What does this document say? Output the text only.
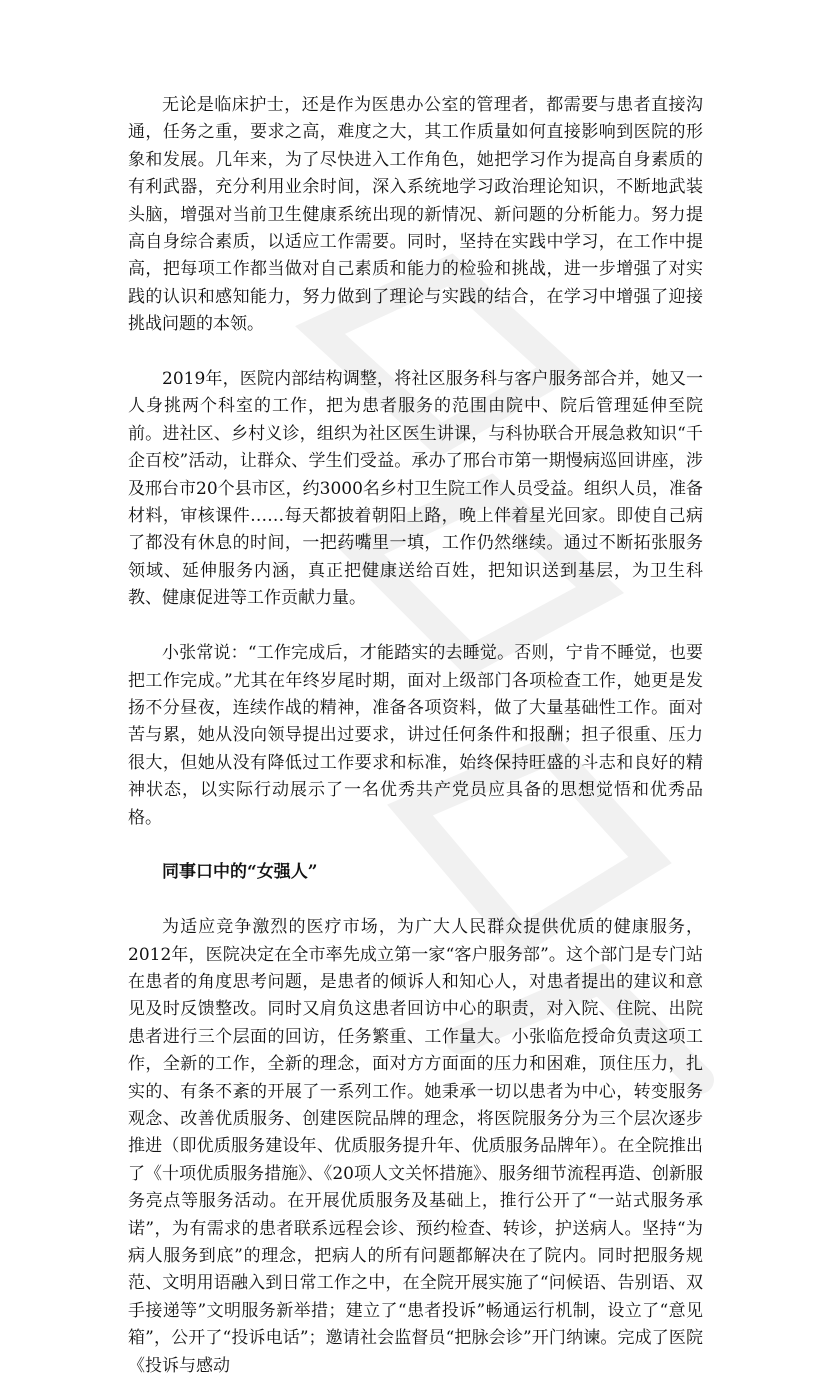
无论是临床护士，还是作为医患办公室的管理者，都需要与患者直接沟通，任务之重，要求之高，难度之大，其工作质量如何直接影响到医院的形象和发展。几年来，为了尽快进入工作角色，她把学习作为提高自身素质的有利武器，充分利用业余时间，深入系统地学习政治理论知识，不断地武装头脑，增强对当前卫生健康系统出现的新情况、新问题的分析能力。努力提高自身综合素质，以适应工作需要。同时，坚持在实践中学习，在工作中提高，把每项工作都当做对自己素质和能力的检验和挑战，进一步增强了对实践的认识和感知能力，努力做到了理论与实践的结合，在学习中增强了迎接挑战问题的本领。

2019年，医院内部结构调整，将社区服务科与客户服务部合并，她又一人身挑两个科室的工作，把为患者服务的范围由院中、院后管理延伸至院前。进社区、乡村义诊，组织为社区医生讲课，与科协联合开展急救知识“千企百校”活动，让群众、学生们受益。承办了邢台市第一期慢病巡回讲座，涉及邢台市20个县市区，约3000名乡村卫生院工作人员受益。组织人员，准备材料，审核课件……每天都披着朝阳上路，晚上伴着星光回家。即使自己病了都没有休息的时间，一把药嘴里一填，工作仍然继续。通过不断拓张服务领域、延伸服务内涵，真正把健康送给百姓，把知识送到基层，为卫生科教、健康促进等工作贡献力量。

小张常说：“工作完成后，才能踏实的去睡觉。否则，宁肯不睡觉，也要把工作完成。”尤其在年终岁尾时期，面对上级部门各项检查工作，她更是发扬不分昼夜，连续作战的精神，准备各项资料，做了大量基础性工作。面对苦与累，她从没向领导提出过要求，讲过任何条件和报酬；担子很重、压力很大，但她从没有降低过工作要求和标准，始终保持旺盛的斗志和良好的精神状态，以实际行动展示了一名优秀共产党员应具备的思想觉悟和优秀品格。

同事口中的“女强人”

为适应竞争激烈的医疗市场，为广大人民群众提供优质的健康服务，2012年，医院决定在全市率先成立第一家“客户服务部”。这个部门是专门站在患者的角度思考问题，是患者的倾诉人和知心人，对患者提出的建议和意见及时反馈整改。同时又肩负这患者回访中心的职责，对入院、住院、出院患者进行三个层面的回访，任务繁重、工作量大。小张临危授命负责这项工作，全新的工作，全新的理念，面对方方面面的压力和困难，顶住压力，扎实的、有条不紊的开展了一系列工作。她秉承一切以患者为中心，转变服务观念、改善优质服务、创建医院品牌的理念，将医院服务分为三个层次逐步推进（即优质服务建设年、优质服务提升年、优质服务品牌年）。在全院推出了《十项优质服务措施》、《20项人文关怀措施》、服务细节流程再造、创新服务亮点等服务活动。在开展优质服务及基础上，推行公开了“一站式服务承诺”，为有需求的患者联系远程会诊、预约检查、转诊，护送病人。坚持“为病人服务到底”的理念，把病人的所有问题都解决在了院内。同时把服务规范、文明用语融入到日常工作之中，在全院开展实施了“问候语、告别语、双手接递等”文明服务新举措；建立了“患者投诉”畅通运行机制，设立了“意见箱”，公开了“投诉电话”；邀请社会监督员“把脉会诊”开门纳谏。完成了医院《投诉与感动
